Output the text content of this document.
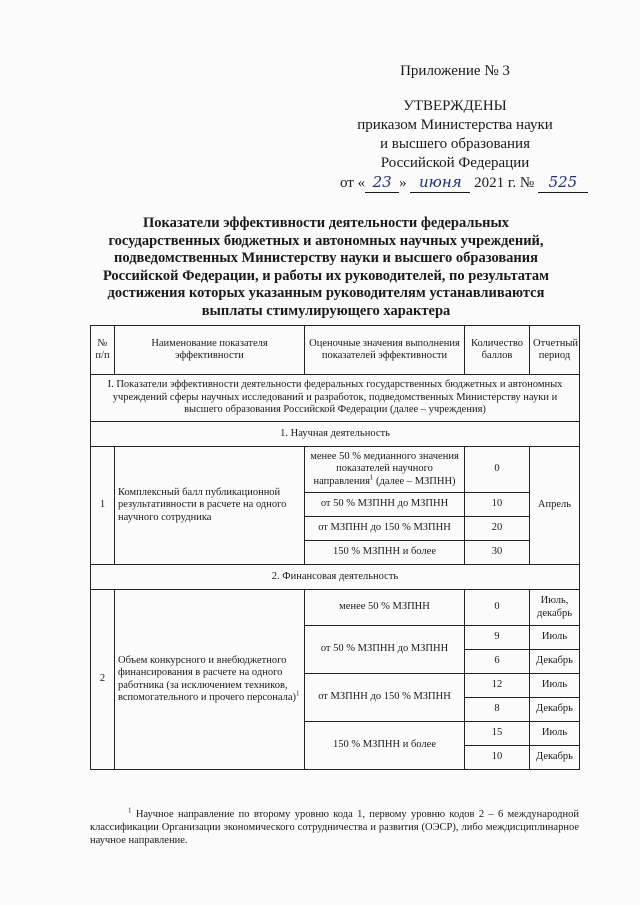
Приложение № 3
УТВЕРЖДЕНЫ
приказом Министерства науки
и высшего образования
Российской Федерации
от « 23 » июня 2021 г. № 525
Показатели эффективности деятельности федеральных государственных бюджетных и автономных научных учреждений, подведомственных Министерству науки и высшего образования Российской Федерации, и работы их руководителей, по результатам достижения которых указанным руководителям устанавливаются выплаты стимулирующего характера
№ п/п	Наименование показателя эффективности	Оценочные значения выполнения показателей эффективности	Количество баллов	Отчетный период
I. Показатели эффективности деятельности федеральных государственных бюджетных и автономных учреждений сферы научных исследований и разработок, подведомственных Министерству науки и высшего образования Российской Федерации (далее – учреждения)				
1. Научная деятельность				
1	Комплексный балл публикационной результативности в расчете на одного научного сотрудника	менее 50 % медианного значения показателей научного направления$^1$ (далее – МЗПНН)	0	Апрель
		от 50 % МЗПНН до МЗПНН	10	
		от МЗПНН до 150 % МЗПНН	20	
		150 % МЗПНН и более	30	
2. Финансовая деятельность				
2	Объем конкурсного и внебюджетного финансирования в расчете на одного работника (за исключением техников, вспомогательного и прочего персонала)$^1$	менее 50 % МЗПНН	0	Июль, декабрь
		от 50 % МЗПНН до МЗПНН	9	Июль
			6	Декабрь
		от МЗПНН до 150 % МЗПНН	12	Июль
			8	Декабрь
		150 % МЗПНН и более	15	Июль
			10	Декабрь
$^1$ Научное направление по второму уровню кода 1, первому уровню кодов 2 – 6 международной классификации Организации экономического сотрудничества и развития (ОЭСР), либо междисциплинарное научное направление.
